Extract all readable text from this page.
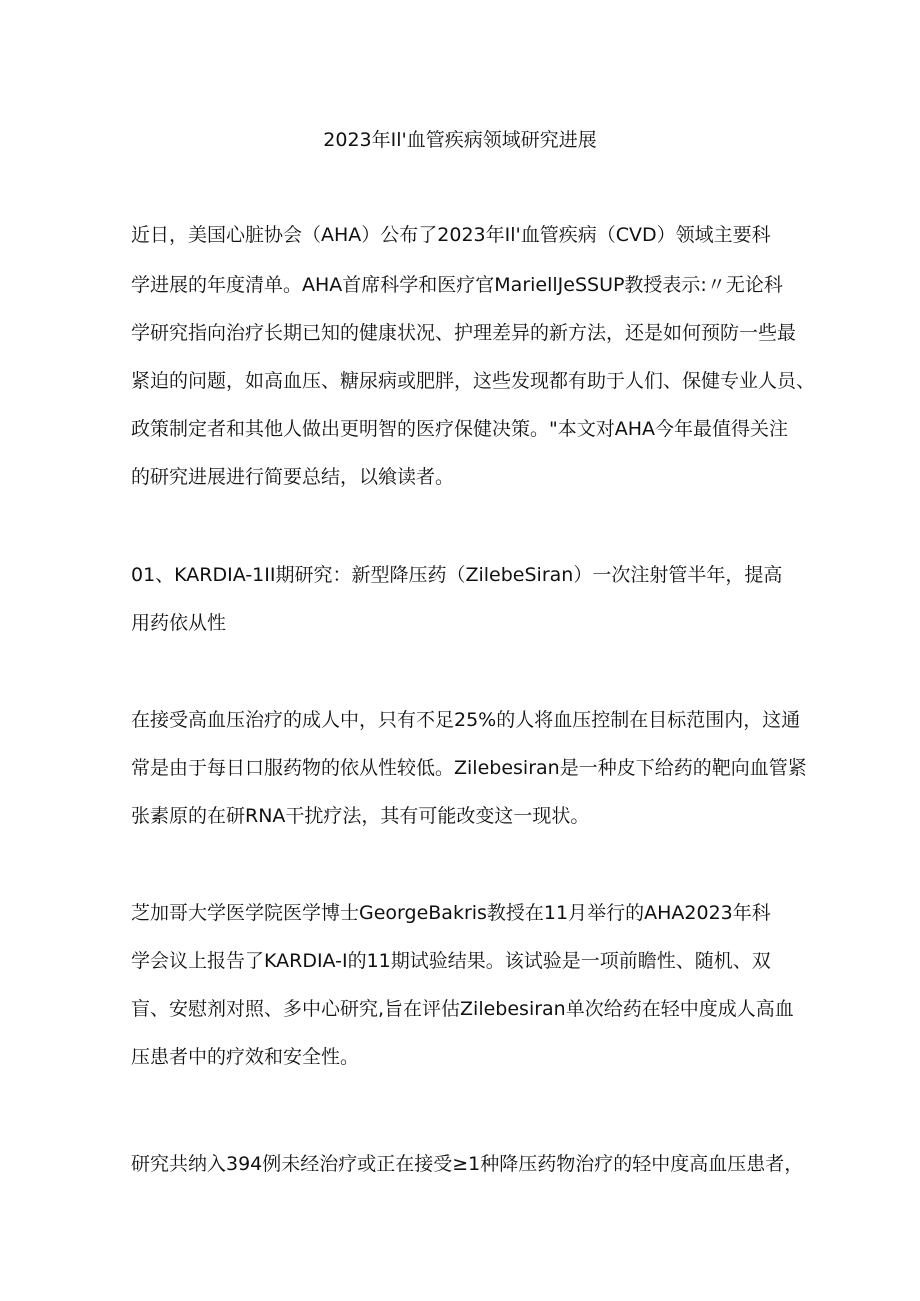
2023年Il'血管疾病领域研究进展

近日，美国心脏协会（AHA）公布了2023年Il'血管疾病（CVD）领域主要科

学进展的年度清单。AHA首席科学和医疗官MariellJeSSUP教授表示:〃无论科

学研究指向治疗长期已知的健康状况、护理差异的新方法，还是如何预防一些最

紧迫的问题，如高血压、糖尿病或肥胖，这些发现都有助于人们、保健专业人员、

政策制定者和其他人做出更明智的医疗保健决策。"本文对AHA今年最值得关注

的研究进展进行简要总结，以飨读者。

01、KARDIA-1II期研究：新型降压药（ZilebeSiran）一次注射管半年，提高

用药依从性

在接受高血压治疗的成人中，只有不足25%的人将血压控制在目标范围内，这通

常是由于每日口服药物的依从性较低。Zilebesiran是一种皮下给药的靶向血管紧

张素原的在研RNA干扰疗法，其有可能改变这一现状。

芝加哥大学医学院医学博士GeorgeBakris教授在11月举行的AHA2023年科

学会议上报告了KARDIA-I的11期试验结果。该试验是一项前瞻性、随机、双

盲、安慰剂对照、多中心研究,旨在评估Zilebesiran单次给药在轻中度成人高血

压患者中的疗效和安全性。

研究共纳入394例未经治疗或正在接受≥1种降压药物治疗的轻中度高血压患者，
